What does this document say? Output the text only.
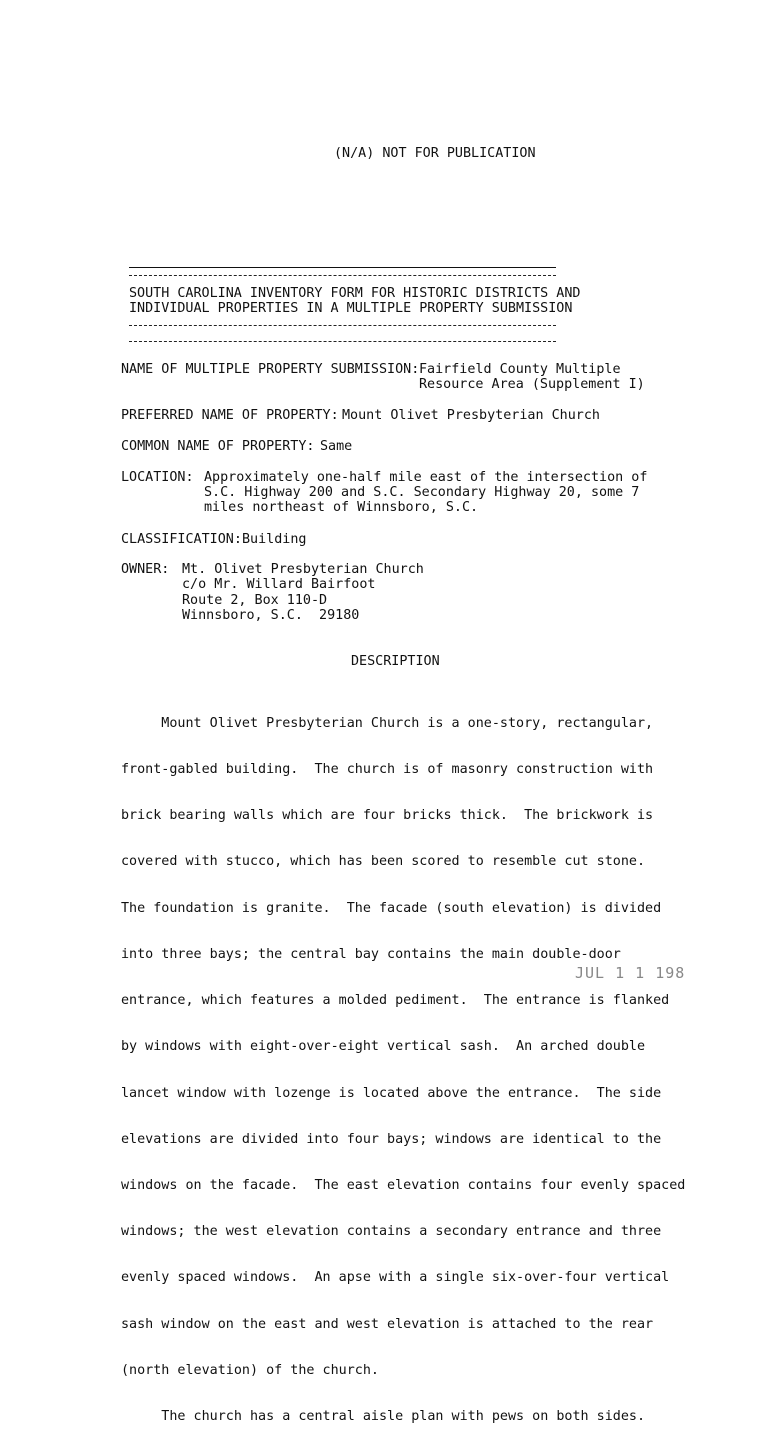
(N/A) NOT FOR PUBLICATION
SOUTH CAROLINA INVENTORY FORM FOR HISTORIC DISTRICTS AND
INDIVIDUAL PROPERTIES IN A MULTIPLE PROPERTY SUBMISSION
NAME OF MULTIPLE PROPERTY SUBMISSION: Fairfield County Multiple
Resource Area (Supplement I)
PREFERRED NAME OF PROPERTY: Mount Olivet Presbyterian Church
COMMON NAME OF PROPERTY: Same
LOCATION: Approximately one-half mile east of the intersection of
S.C. Highway 200 and S.C. Secondary Highway 20, some 7
miles northeast of Winnsboro, S.C.
CLASSIFICATION: Building
OWNER: Mt. Olivet Presbyterian Church
c/o Mr. Willard Bairfoot
Route 2, Box 110-D
Winnsboro, S.C.  29180
DESCRIPTION

Mount Olivet Presbyterian Church is a one-story, rectangular,

front-gabled building.  The church is of masonry construction with

brick bearing walls which are four bricks thick.  The brickwork is

covered with stucco, which has been scored to resemble cut stone.

The foundation is granite.  The facade (south elevation) is divided

into three bays; the central bay contains the main double-door

entrance, which features a molded pediment.  The entrance is flanked

by windows with eight-over-eight vertical sash.  An arched double

lancet window with lozenge is located above the entrance.  The side

elevations are divided into four bays; windows are identical to the

windows on the facade.  The east elevation contains four evenly spaced

windows; the west elevation contains a secondary entrance and three

evenly spaced windows.  An apse with a single six-over-four vertical

sash window on the east and west elevation is attached to the rear

(north elevation) of the church.

The church has a central aisle plan with pews on both sides.

JUL 1 1 198
